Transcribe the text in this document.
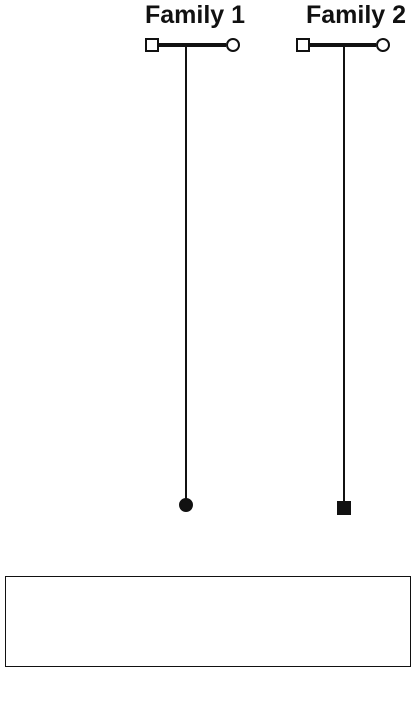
Family 1 Family 2
